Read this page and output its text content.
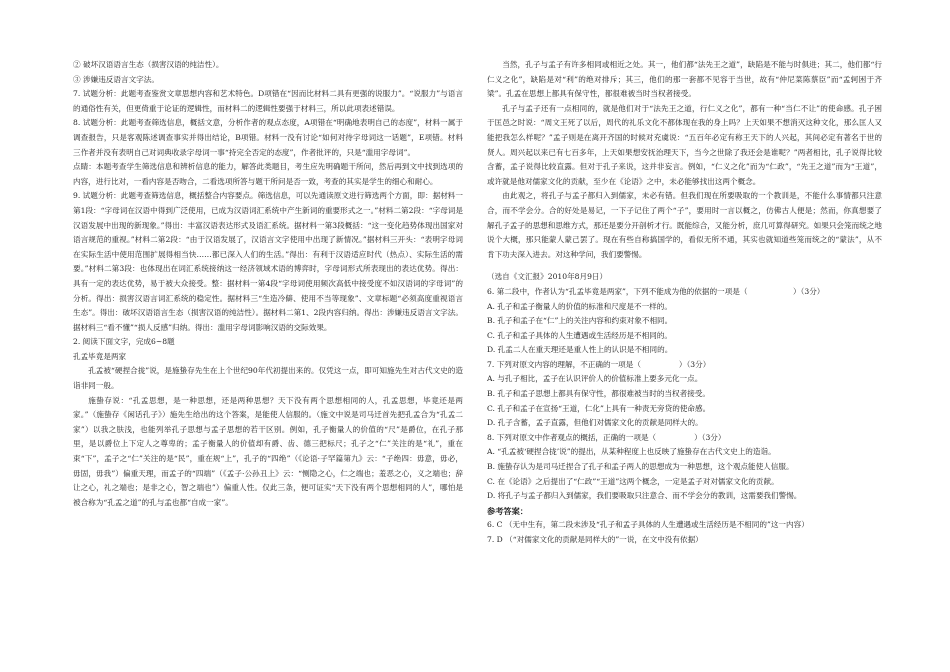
② 破坏汉语语言生态（损害汉语的纯洁性）。

③ 涉嫌违反语言文字法。

7. 试题分析：此题考查鉴赏文章思想内容和艺术特色。D项错在“因而比材料二具有更强的说服力”。“说服力”与语言的通俗性有关，但更倚重于论证的逻辑性，而材料二的逻辑性要强于材料三，所以此项表述错误。

8. 试题分析：此题考查筛选信息，概括文意，分析作者的观点态度，A项错在“明确地表明自己的态度”，材料一属于调查报告，只是客观陈述调查事实并得出结论，B项错。材料一没有讨论“如何对待字母词这一话题”，E项错。材料三作者并没有表明自己对词典收录字母词一事“持完全否定的态度”，作者批评的，只是“滥用字母词”。

点睛：本题考查学生筛选信息和辨析信息的能力，解答此类题目，考生应先明确题干所问，然后再到文中找到选项的内容，进行比对，一看内容是否吻合，二看选项所答与题干所问是否一致，考查的其实是学生的细心和耐心。

9. 试题分析：此题考查筛选信息，概括整合内容要点。筛选信息，可以先通读原文进行筛选两个方面，即：据材料一第1段：“字母词在汉语中得到广泛使用，已成为汉语词汇系统中产生新词的重要形式之一。”材料二第2段：“字母词是汉语发展中出现的新现象。”得出：丰富汉语表达形式及语汇系统。据材料一第3段概括：“这一变化趋势体现出国家对语言规范的重视。”材料二第2段：“由于汉语发展了，汉语言文字使用中出现了新情况。”据材料三开头：“表明字母词在实际生活中使用范围扩展得相当快……都已深入人们的生活。”得出：有利于汉语适应时代（热点）、实际生活的需要。”材料二第3段：也体现出在词汇系统接纳这一经济领域术语的博弈时，字母词形式所表现出的表达优势。得出：具有一定的表达优势，易于被大众接受。整：据材料一第4段“字母词使用频次高低中接受度不如汉语词的字母词”的分析。得出：损害汉语言词汇系统的稳定性。据材料三“生造冷僻、使用不当等现象”、文章标题“必须高度重视语言生态”。得出：破坏汉语语言生态（损害汉语的纯洁性）。据材料二第1、2段内容归纳。得出：涉嫌违反语言文字法。据材料三“看不懂”“损人反感”归纳。得出：滥用字母词影响汉语的交际效果。

2. 阅读下面文字，完成6~8题

孔孟毕竟是两家

孔孟被“硬捏合拢”说，是施蛰存先生在上个世纪90年代初提出来的。仅凭这一点，即可知施先生对古代文史的造诣非同一般。

施蛰存说：“孔孟思想，是一种思想，还是两种思想？天下没有两个思想相同的人，孔孟思想，毕竟还是两家。”（施蛰存《闲话孔子》）施先生给出的这个答案，是能使人信服的。（施文中说是司马迁首先把孔孟合为“孔孟二家”）以我之肤浅，也能列举孔子思想与孟子思想的若干区别。例如，孔子衡量人的价值的“尺”是爵位，在孔子那里，是以爵位上下定人之尊卑的；孟子衡量人的价值却有爵、齿、德三把标尺；孔子之“仁”关注的是“礼”，重在束“下”，孟子之“仁”关注的是“民”，重在规“上”，孔子的“四绝”（《论语·子罕篇第九》云：“子绝四：毋意，毋必，毋固，毋我”）偏重天理，而孟子的“四端”（《孟子·公孙丑上》云：“恻隐之心，仁之端也；羞恶之心，义之端也；辞让之心，礼之端也；是非之心，智之端也”）偏重人性。仅此三条，便可证实“天下没有两个思想相同的人”，哪怕是被合称为“孔孟之道”的孔与孟也都“自成一家”。

当然，孔子与孟子有许多相同或相近之处。其一，他们都“法先王之道”，缺陷是不能与时俱进；其二，他们都“行仁义之化”，缺陷是对“利”的绝对排斥；其三，他们的那一套都不见容于当世，故有“仲尼菜陈蔡臣”而“孟轲困于齐梁”。孔孟在思想上都具有保守性，都很难被当时当权者接受。

孔子与孟子还有一点相同的，就是他们对于“法先王之道，行仁义之化”，都有一种“当仁不让”的使命感。孔子困于匡邑之时说：“周文王死了以后，周代的礼乐文化不都体现在我的身上吗？上天如果不想消灭这种文化，那么匡人又能把我怎么样呢？”孟子则是在离开齐国的时候对充虞说：“五百年必定有称王天下的人兴起，其间必定有著名于世的贤人。周兴起以来已有七百多年，上天如果想安抚治理天下，当今之世除了我还会是谁呢？”两者相比，孔子说得比较含蓄，孟子说得比较直露。但对于孔子来说，这并非妄言。例如，“仁义之化”而为“仁政”，“先王之道”而为“王道”，或许就是他对儒家文化的贡献，至少在《论语》之中，未必能够找出这两个概念。

由此观之，将孔子与孟子都归入到儒家，未必有错。但我们现在所要吸取的一个教训是，不能什么事情都只注意合，而不学会分。合的好处是易记，一下子记住了两个“子”，要用时一言以概之，仿佛古人便是；然而，你真想要了解孔子孟子的思想和思维方式，那还是要分开剖析才行。既能综合，又能分析，庶几可算得研究。如果只会笼而统之地说个大概，那只能蒙人蒙己罢了。现在有些自称搞国学的，看似无所不通，其实也就知道些笼而统之的“蒙法”，从不肯下功夫深入进去。对这种学问，我们要警惕。

（选自《文汇报》2010年8月9日）

6. 第二段中，作者认为“孔孟毕竟是两家”，下列不能成为他的依据的一项是（　　　　　　）（3分）

A. 孔子和孟子衡量人的价值的标准和尺度是不一样的。

B. 孔子和孟子在“仁”上的关注内容和约束对象不相同。

C. 孔子和孟子具体的人生遭遇或生活经历是不相同的。

D. 孔孟二人在重天理还是重人性上的认识是不相同的。

7. 下列对原文内容的理解，不正确的一项是（　　　　　）（3分）

A. 与孔子相比，孟子在认识评价人的价值标准上要多元化一点。

B. 孔子和孟子思想上都具有保守性，都很难被当时的当权者接受。

C. 孔子和孟子在宣扬“王道，仁化”上具有一种责无旁贷的使命感。

D. 孔子含蓄，孟子直露，但他们对儒家文化的贡献是同样大的。

8. 下列对原文中作者观点的概括，正确的一项是（　　　　　）（3分）

A. “孔孟被‘硬捏合拢’说”的提出，从某种程度上也反映了施蛰存在古代文史上的造诣。

B. 施蛰存认为是司马迁捏合了孔子和孟子两人的思想成为一种思想，这个观点能使人信服。

C. 在《论语》之后提出了“仁政”“王道”这两个概念，一定是孟子对对儒家文化的贡献。

D. 将孔子与孟子都归入到儒家，我们要吸取只注意合、而不学会分的教训，这需要我们警惕。

参考答案：

6. C （无中生有，第二段未涉及“孔子和孟子具体的人生遭遇或生活经历是不相同的”这一内容）

7. D （“对儒家文化的贡献是同样大的”一说，在文中没有依据）
